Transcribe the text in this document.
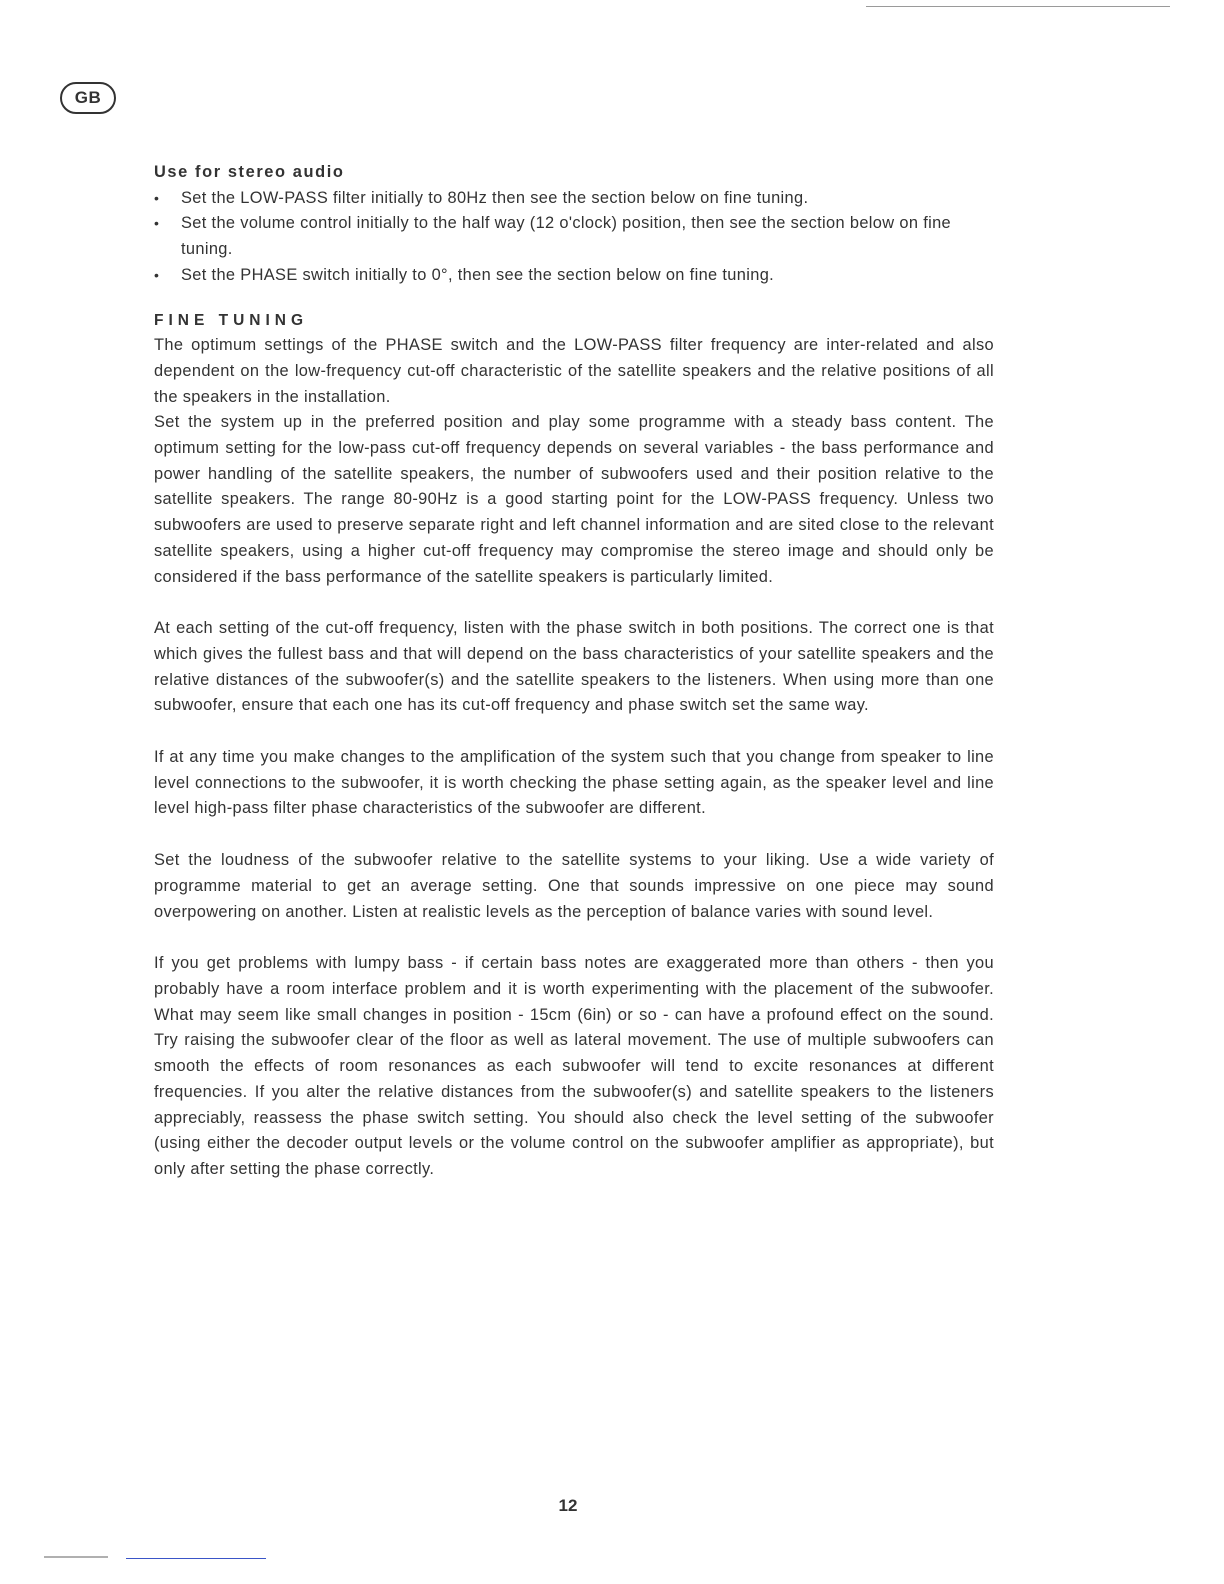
GB
Use for stereo audio
• Set the LOW-PASS filter initially to 80Hz then see the section below on fine tuning.
• Set the volume control initially to the half way (12 o'clock) position, then see the section below on fine tuning.
• Set the PHASE switch initially to 0°, then see the section below on fine tuning.
FINE TUNING

The optimum settings of the PHASE switch and the LOW-PASS filter frequency are inter-related and also dependent on the low-frequency cut-off characteristic of the satellite speakers and the relative positions of all the speakers in the installation.

Set the system up in the preferred position and play some programme with a steady bass content. The optimum setting for the low-pass cut-off frequency depends on several variables - the bass performance and power handling of the satellite speakers, the number of subwoofers used and their position relative to the satellite speakers. The range 80-90Hz is a good starting point for the LOW-PASS frequency. Unless two subwoofers are used to preserve separate right and left channel information and are sited close to the relevant satellite speakers, using a higher cut-off frequency may compromise the stereo image and should only be considered if the bass performance of the satellite speakers is particularly limited.

At each setting of the cut-off frequency, listen with the phase switch in both positions. The correct one is that which gives the fullest bass and that will depend on the bass characteristics of your satellite speakers and the relative distances of the subwoofer(s) and the satellite speakers to the listeners. When using more than one subwoofer, ensure that each one has its cut-off frequency and phase switch set the same way.

If at any time you make changes to the amplification of the system such that you change from speaker to line level connections to the subwoofer, it is worth checking the phase setting again, as the speaker level and line level high-pass filter phase characteristics of the subwoofer are different.

Set the loudness of the subwoofer relative to the satellite systems to your liking. Use a wide variety of programme material to get an average setting. One that sounds impressive on one piece may sound overpowering on another. Listen at realistic levels as the perception of balance varies with sound level.

If you get problems with lumpy bass - if certain bass notes are exaggerated more than others - then you probably have a room interface problem and it is worth experimenting with the placement of the subwoofer. What may seem like small changes in position - 15cm (6in) or so - can have a profound effect on the sound. Try raising the subwoofer clear of the floor as well as lateral movement. The use of multiple subwoofers can smooth the effects of room resonances as each subwoofer will tend to excite resonances at different frequencies. If you alter the relative distances from the subwoofer(s) and satellite speakers to the listeners appreciably, reassess the phase switch setting. You should also check the level setting of the subwoofer (using either the decoder output levels or the volume control on the subwoofer amplifier as appropriate), but only after setting the phase correctly.

12
